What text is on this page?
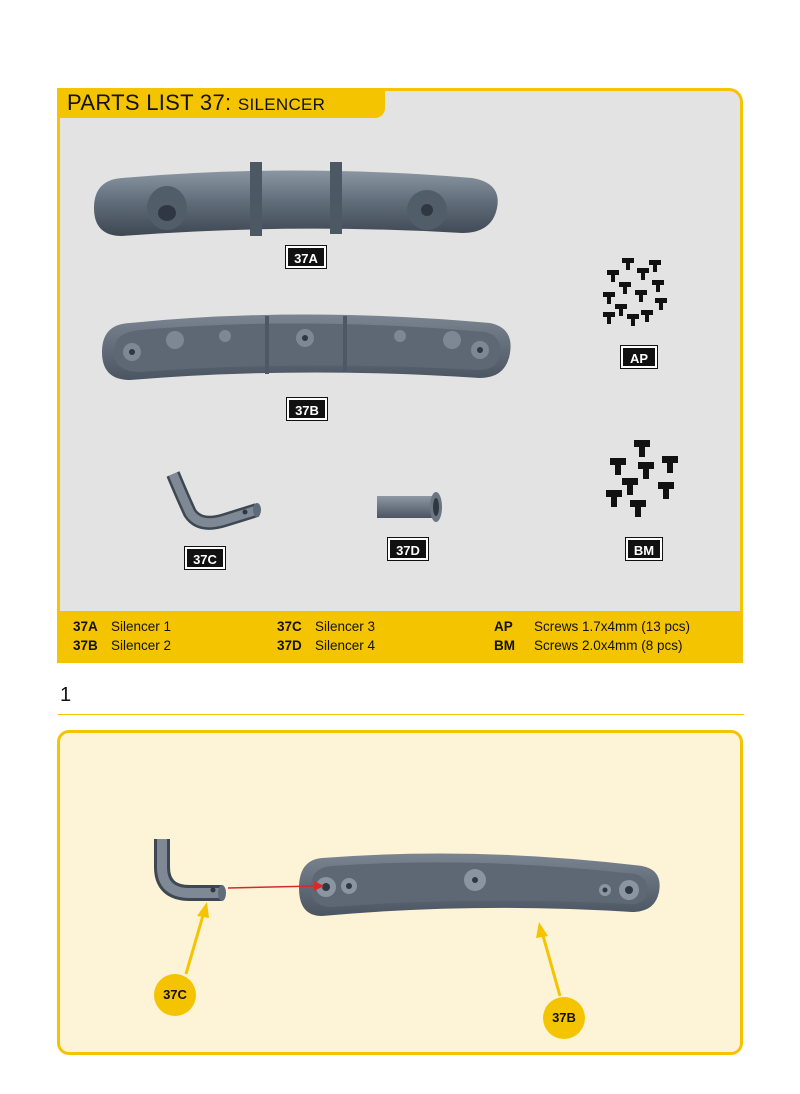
PARTS LIST 37: SILENCER
37A
37B
37C
37D
AP
BM
37A Silencer 1
37B Silencer 2
37C Silencer 3
37D Silencer 4
AP Screws 1.7x4mm (13 pcs)
BM Screws 2.0x4mm (8 pcs)
1
37C
37B
